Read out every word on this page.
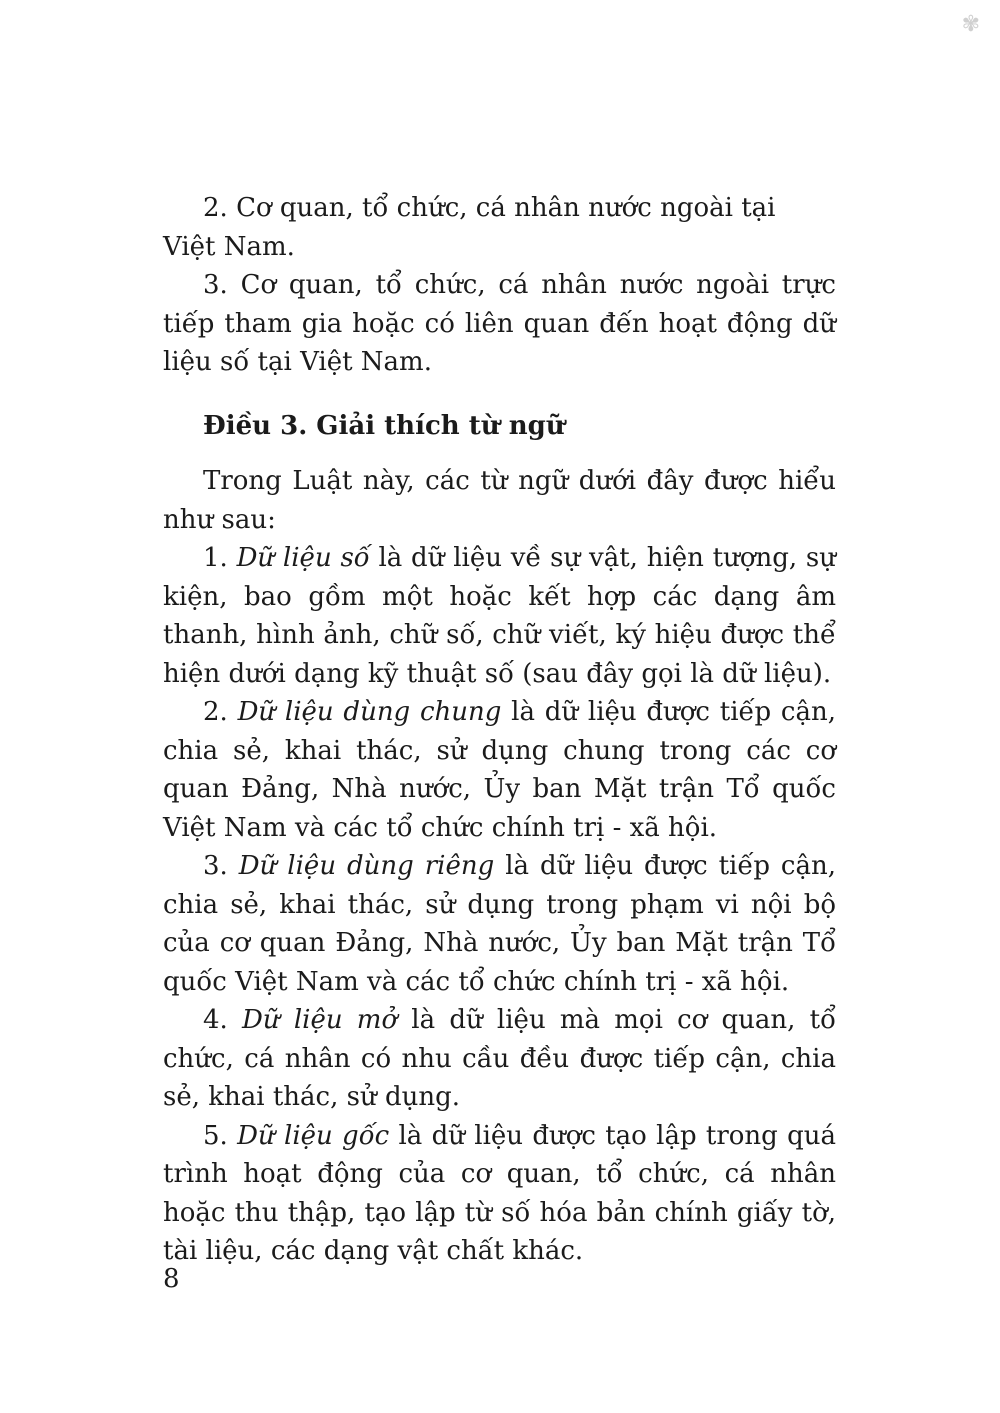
✾

2. Cơ quan, tổ chức, cá nhân nước ngoài tại Việt Nam.

3. Cơ quan, tổ chức, cá nhân nước ngoài trực tiếp tham gia hoặc có liên quan đến hoạt động dữ liệu số tại Việt Nam.

Điều 3. Giải thích từ ngữ

Trong Luật này, các từ ngữ dưới đây được hiểu như sau:

1. Dữ liệu số là dữ liệu về sự vật, hiện tượng, sự kiện, bao gồm một hoặc kết hợp các dạng âm thanh, hình ảnh, chữ số, chữ viết, ký hiệu được thể hiện dưới dạng kỹ thuật số (sau đây gọi là dữ liệu).

2. Dữ liệu dùng chung là dữ liệu được tiếp cận, chia sẻ, khai thác, sử dụng chung trong các cơ quan Đảng, Nhà nước, Ủy ban Mặt trận Tổ quốc Việt Nam và các tổ chức chính trị - xã hội.

3. Dữ liệu dùng riêng là dữ liệu được tiếp cận, chia sẻ, khai thác, sử dụng trong phạm vi nội bộ của cơ quan Đảng, Nhà nước, Ủy ban Mặt trận Tổ quốc Việt Nam và các tổ chức chính trị - xã hội.

4. Dữ liệu mở là dữ liệu mà mọi cơ quan, tổ chức, cá nhân có nhu cầu đều được tiếp cận, chia sẻ, khai thác, sử dụng.

5. Dữ liệu gốc là dữ liệu được tạo lập trong quá trình hoạt động của cơ quan, tổ chức, cá nhân hoặc thu thập, tạo lập từ số hóa bản chính giấy tờ, tài liệu, các dạng vật chất khác.

8
